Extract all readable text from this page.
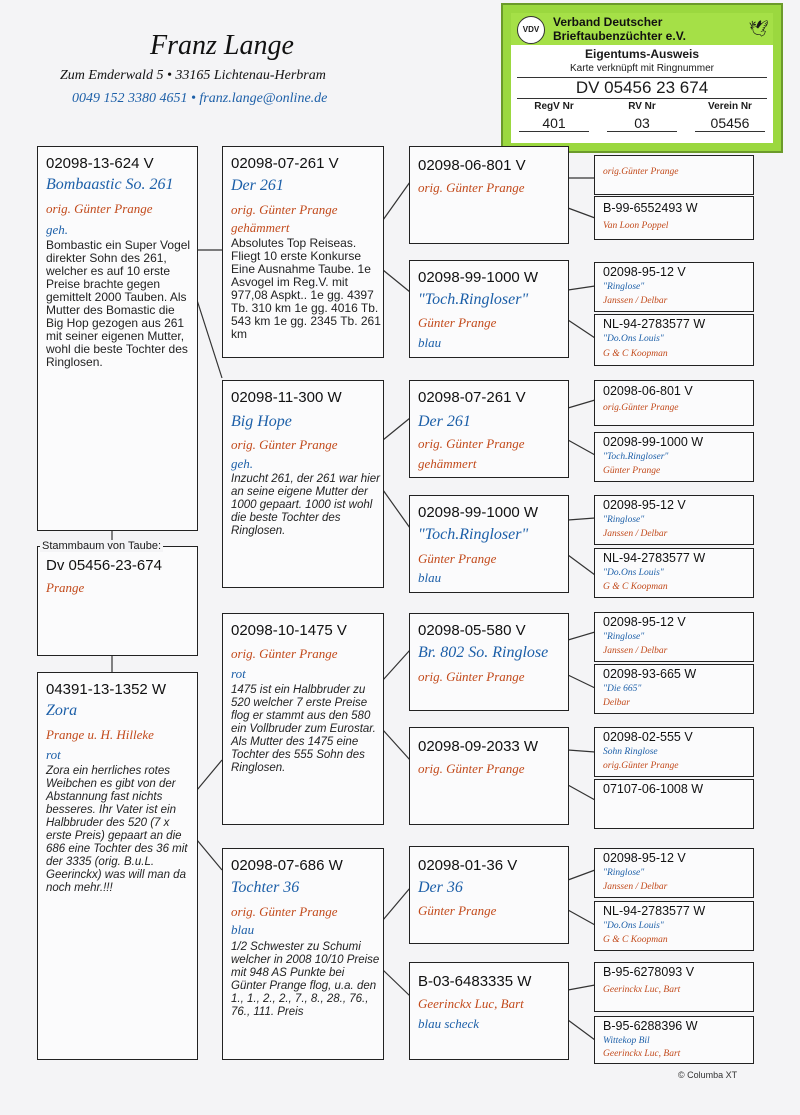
Franz Lange
Zum Emderwald 5 • 33165 Lichtenau-Herbram
0049 152 3380 4651 • franz.lange@online.de
VDV
Verband Deutscher
Brieftaubenzüchter e.V.	🕊
Eigentums-Ausweis
Karte verknüpft mit Ringnummer
DV 05456 23 674
RegV Nr	RV Nr	Verein Nr
401	03	05456
02098-13-624 V
Bombaastic So. 261
orig. Günter Prange
geh.
Bombastic ein Super Vogel direkter Sohn des 261, welcher es auf 10 erste Preise brachte gegen gemittelt 2000 Tauben. Als Mutter des Bomastic die Big Hop gezogen aus 261 mit seiner eigenen Mutter, wohl die beste Tochter des Ringlosen.
Stammbaum von Taube:
Dv 05456-23-674
Prange
04391-13-1352 W
Zora
Prange u. H. Hilleke
rot
Zora ein herrliches rotes Weibchen es gibt von der Abstannung fast nichts besseres. Ihr Vater ist ein Halbbruder des 520 (7 x erste Preis) gepaart an die 686 eine Tochter des 36 mit der 3335 (orig. B.u.L. Geerinckx) was will man da noch mehr.!!!
02098-07-261 V
Der 261
orig. Günter Prange
gehämmert
Absolutes Top Reiseas. Fliegt 10 erste Konkurse Eine Ausnahme Taube. 1e Asvogel im Reg.V. mit 977,08 Aspkt.. 1e gg. 4397 Tb. 310 km 1e gg. 4016 Tb. 543 km 1e gg. 2345 Tb. 261 km
02098-11-300 W
Big Hope
orig. Günter Prange
geh.
Inzucht 261, der 261 war hier an seine eigene Mutter der 1000 gepaart. 1000 ist wohl die beste Tochter des Ringlosen.
02098-10-1475 V
orig. Günter Prange
rot
1475 ist ein Halbbruder zu 520 welcher 7 erste Preise flog er stammt aus den 580 ein Vollbruder zum Eurostar. Als Mutter des 1475 eine Tochter des 555 Sohn des Ringlosen.
02098-07-686 W
Tochter 36
orig. Günter Prange
blau
1/2 Schwester zu Schumi welcher in 2008 10/10 Preise mit 948 AS Punkte bei Günter Prange flog, u.a. den 1., 1., 2., 2., 7., 8., 28., 76., 76., 111. Preis
02098-06-801 V
orig. Günter Prange
02098-99-1000 W
"Toch.Ringloser"
Günter Prange
blau
02098-07-261 V
Der 261
orig. Günter Prange
gehämmert
02098-99-1000 W
"Toch.Ringloser"
Günter Prange
blau
02098-05-580 V
Br. 802 So. Ringlose
orig. Günter Prange
02098-09-2033 W
orig. Günter Prange
02098-01-36 V
Der 36
Günter Prange
B-03-6483335 W
Geerinckx Luc, Bart
blau scheck
orig.Günter Prange
B-99-6552493 W
Van Loon Poppel
02098-95-12 V
"Ringlose"
Janssen / Delbar
NL-94-2783577 W
"Do.Ons Louis"
G & C Koopman
02098-06-801 V
orig.Günter Prange
02098-99-1000 W
"Toch.Ringloser"
Günter Prange
02098-95-12 V
"Ringlose"
Janssen / Delbar
NL-94-2783577 W
"Do.Ons Louis"
G & C Koopman
02098-95-12 V
"Ringlose"
Janssen / Delbar
02098-93-665 W
"Die 665"
Delbar
02098-02-555 V
Sohn Ringlose
orig.Günter Prange
07107-06-1008 W
02098-95-12 V
"Ringlose"
Janssen / Delbar
NL-94-2783577 W
"Do.Ons Louis"
G & C Koopman
B-95-6278093 V
Geerinckx Luc, Bart
B-95-6288396 W
Wittekop Bil
Geerinckx Luc, Bart
© Columba XT
